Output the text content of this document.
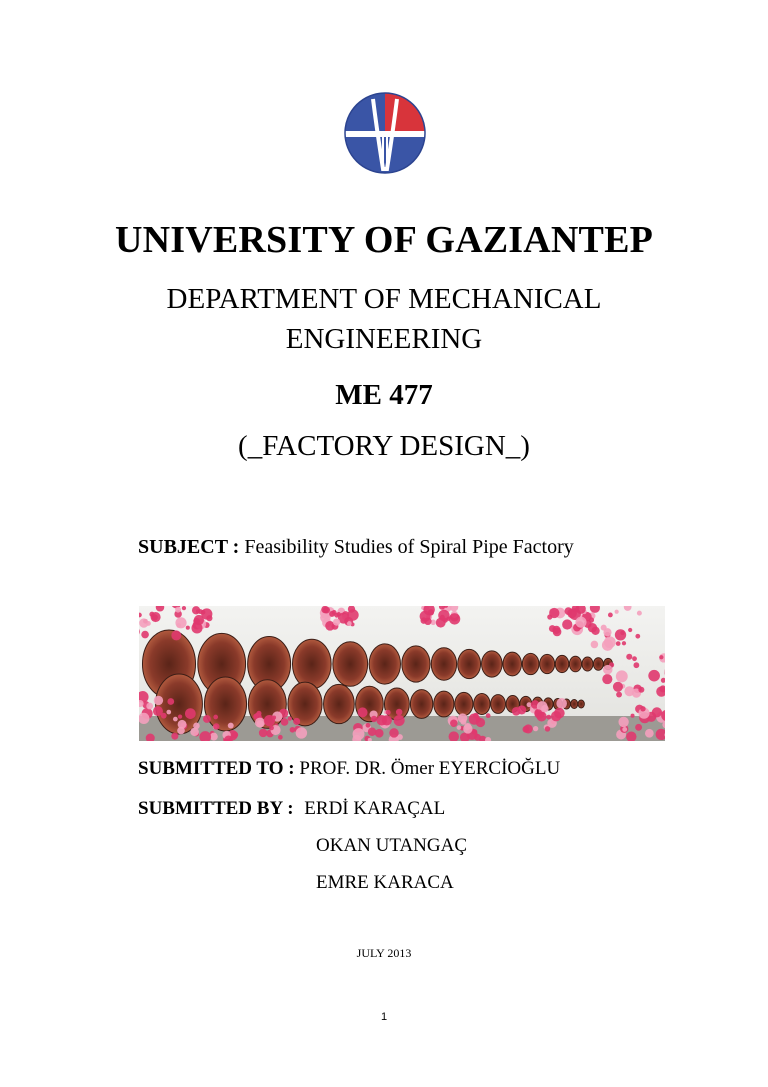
UNIVERSITY OF GAZIANTEP
DEPARTMENT OF MECHANICAL
ENGINEERING
ME 477
(_FACTORY DESIGN_)
SUBJECT : Feasibility Studies of Spiral Pipe Factory
SUBMITTED TO : PROF. DR. Ömer EYERCİOĞLU
SUBMITTED BY : ERDİ KARAÇAL
OKAN UTANGAÇ
EMRE KARACA
JULY 2013
1
